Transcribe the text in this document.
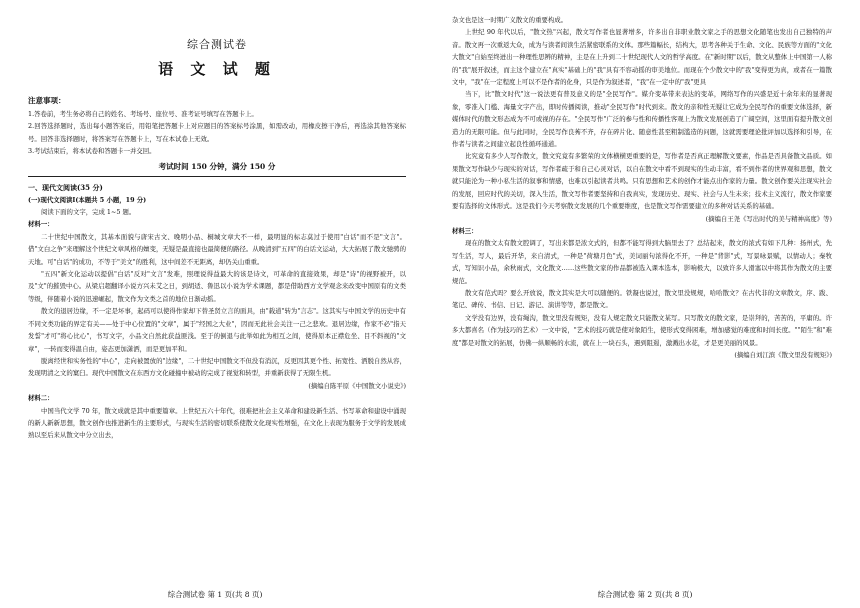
综合测试卷
语 文 试 题
注意事项：

1.答卷前，考生务必将自己的姓名、考场号、座位号、准考证号填写在答题卡上。

2.回答选择题时，选出每小题答案后，用铅笔把答题卡上对应题目的答案标号涂黑，如需改动，用橡皮擦干净后，再选涂其他答案标号。回答非选择题时，将答案写在答题卡上，写在本试卷上无效。

3.考试结束后，将本试卷和答题卡一并交回。

考试时间 150 分钟，满分 150 分
一、现代文阅读(35 分)

(一)现代文阅读Ⅰ(本题共 5 小题，19 分)

阅读下面的文字，完成 1~5 题。

材料一：

二十世纪中国散文，其基本面貌与唐宋古文、晚明小品、桐城文章大不一样，最明显的标志莫过于使用"白话"而不是"文言"。借"文白之争"来理解这个世纪文章风格的嬗变，无疑是最直接也最简便的路径。从晚清到"五四"的白话文运动，大大拓展了散文驰骋的天地。可"白话"的成功，不等于"美文"的胜利，这中间差不无距离，却仍关山重重。

"五四"新文化运动以提倡"白话"反对"文言"发难，照理说得益最大的该是诗文，可革命的直接效果，却是"诗"的视野被开，以及"文"的摧毁中心。从梁启超翻译小说方兴未艾之日，到胡适、鲁迅以小说为学术课题，都是借助西方文学观念来改变中国原有的文类等级，伴随着小说的迅速崛起，散文作为文类之首的地位日渐动摇。

散文的退居边缘，不一定是坏事，起码可以使得作家却下替圣贤立言的面具，由"载道"转为"言志"。这其实与中国文学的历史中有不同文类功能的界定有关——处于中心位置的"文章"，属于"经国之大业"，因而无此社会关注一己之悲欢。退居边缘，作家不必"指天发誓"才可"将心比心"，书写文字，小品文自然此获益匪浅。至于的倒退与此举如此为相互之间，使得原本正襟危坐、目不斜视的"文章"，一转而变得温自由，姿态更加潇洒，而是更加平和。

脱离经世和实务性的"中心"，走向被置放的"边缘"，二十世纪中国散文不但没有消沉，反更因其更个性、拓宽性、洒脱自然从容，发现明清之文的窠臼。现代中国散文在东西方文化碰撞中被动的完成了视觉和转型，并重新获得了无限生机。

(摘编自陈平原《中国散文小说史》)

材料二：

中国当代文学 70 年，散文成就是其中重要篇章。上世纪五六十年代，很难把社会主义革命和建设新生活、书写革命和建设中涌现的新人新新思想，散文创作也推进新生的主要形式，与现实生活的密切联系使散文化现实性增强，在文化上表现为服务于文学的发展成熟以至后来从散文中分立出去，

综合测试卷 第 1 页(共 8 页)

杂文也是这一时期广义散文的重要构成。

上世纪 90 年代以后，"散文热"兴起，散文写作者也显著增多，许多出自非职业散文家之手的思想文化随笔也发出自己独特的声音。散文再一次重返大众，成为与读者间读生活紧密联系的文体。那些篇幅长，结构大，思考各种关于生命、文化、民族等方面的"文化大散文"自始至终迸出一种理性思辨的精神，主是在上升到二十世纪现代人文的哲学高度。在"新时期"以后，散文从整体上中国第一人称的"我"展开叙述，而主这个建立在"真实"基础上的"我"具有不容动摇的审美地位。而现在个少散文中的"我"变得更为真，或者在一篇散文中，"我"在一定程度上可以不是作者的化身，只是作为叙述者，"我"在一定中的"我"更具

当下，比"散文时代"这一说法更有普及意义的是"全民写作"。媒介变革带来表达的变革，网络写作的兴盛是近十余年来的显著现象，零准入门槛、海量文字产出，即时传播阅读，推动"全民写作"时代到来。散文的亲和性无疑让它成为全民写作的重要文体选择，新媒体时代的散文形态成为不可或视的存在。"全民写作"广泛的参与性和传播性客观上为散文发展创造了广阔空间，这里面有提升散文创造力的无限可能。但与此同时，全民写作良莠不齐，存在碎片化、随意性甚至粗制滥造的问题，这就需要理论批评加以选择和引导，在作者与读者之间建立起良性循环通道。

比究竟有多少人写作散文，散文究竟有多繁荣的文体横横更重要的是，写作者是否真正理解散文要素，作品是否具备散文品质。如果散文写作缺少与现实的对话，写作者疏于和自己心灵对话，以自在散文中看不到现实的生动丰富，看不到作者的世界观和思想，散文就只能沦为一种小私生活的叙事和情感，也难以引起读者共鸣。只有思想和艺术的创作才能点出作家的力量。散文创作要关注现实社会的发展，回应时代的关切，深入生活，散文写作者要坚持和自我真实，发现历史、现实、社会与人生未来；技术主义流行，散文作家要要有选择的文体形式。这是我们今天考察散文发展的几个重要维度，也是散文写作需要建立的多种对话关系的基础。

(摘编自王尧《写出时代的美与精神高度》等)

材料三：

现在的散文太有散文腔调了，写出来都是浓文式的，但都不能写得到大脑里去了？总结起来，散文的浓式有如下几种：扬州式，先写生活，写人，最后开华，来自清式，一种是"荷塘月色"式，美词丽句浓得化不开，一种是"背影"式，写景咏景赋，以情动人；秦牧式，写知识小品，余秋雨式，文化散文……这些散文家的作品都被选入课本选本，影响极大，以致许多人滑塞以中将其作为散文的主要规范。

散文有范式吗？要么开放说，散文其实是大可以随便的。铁凝也说过，散文里没规规，哈哈散文？在古代非的文章散文，序、跋、笔记、碑传、书信、日记、游记、演讲等等，都是散文。

文学没有边界，没有绳沟，散文里没有规矩，没有人规定散文只能散文某写。只写散文的散文家，是崇拜的，苦苦的，平庸的。许多大都喜名（作为技巧的艺术）一文中说，"艺术的技巧就是使对象陌生，使形式变得困难，增加感觉的难度和时间长度。""陌生"和"难度"都是对散文的拓展，仿佛一纵顺畅的水流，就在上一块石头，遇到阻遏，激溅出水花，才是更美丽的风景。

(摘编自刘江滨《散文里没有规矩》)

综合测试卷 第 2 页(共 8 页)
